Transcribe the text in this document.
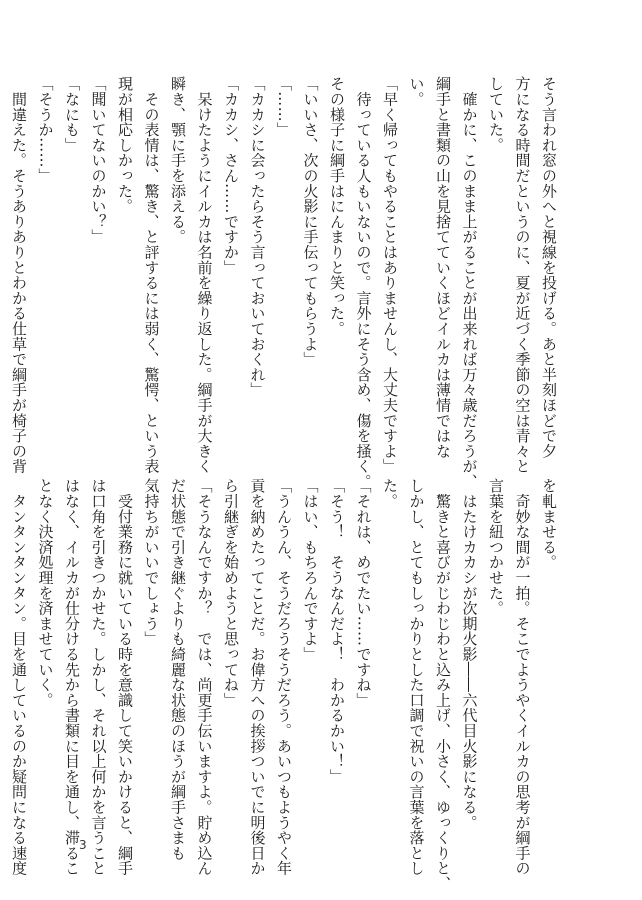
そう言われ窓の外へと視線を投げる。あと半刻ほどで夕
方になる時間だというのに、夏が近づく季節の空は青々と
していた。
　確かに、このまま上がることが出来れば万々歳だろうが、
綱手と書類の山を見捨てていくほどイルカは薄情ではな
い。
「早く帰ってもやることはありませんし、大丈夫ですよ」
　待っている人もいないので。言外にそう含め、傷を掻く。
その様子に綱手はにんまりと笑った。
「いいさ、次の火影に手伝ってもらうよ」
「……」
「カカシに会ったらそう言っておいておくれ」
「カカシ、さん……ですか」
　呆けたようにイルカは名前を繰り返した。綱手が大きく
瞬き、顎に手を添える。
　その表情は、驚き、と評するには弱く、驚愕、という表
現が相応しかった。
「聞いてないのかい？」
「なにも」
「そうか……」
　間違えた。そうありありとわかる仕草で綱手が椅子の背
を軋ませる。
　奇妙な間が一拍。そこでようやくイルカの思考が綱手の
言葉を紐つかせた。
　はたけカカシが次期火影――六代目火影になる。
　驚きと喜びがじわじわと込み上げ、小さく、ゆっくりと、
しかし、とてもしっかりとした口調で祝いの言葉を落とし
た。
「それは、めでたい……ですね」
「そう！　そうなんだよ！　わかるかい！」
「はい、もちろんですよ」
「うんうん、そうだろうそうだろう。あいつもようやく年
貢を納めたってことだ。お偉方への挨拶ついでに明後日か
ら引継ぎを始めようと思ってね」
「そうなんですか？　では、尚更手伝いますよ。貯め込ん
だ状態で引き継ぐよりも綺麗な状態のほうが綱手さまも
気持ちがいいでしょう」
　受付業務に就いている時を意識して笑いかけると、綱手
は口角を引きつかせた。しかし、それ以上何かを言うこと
はなく、イルカが仕分ける先から書類に目を通し、滞るこ
となく決済処理を済ませていく。
　タンタンタンタン。目を通しているのか疑問になる速度	3
